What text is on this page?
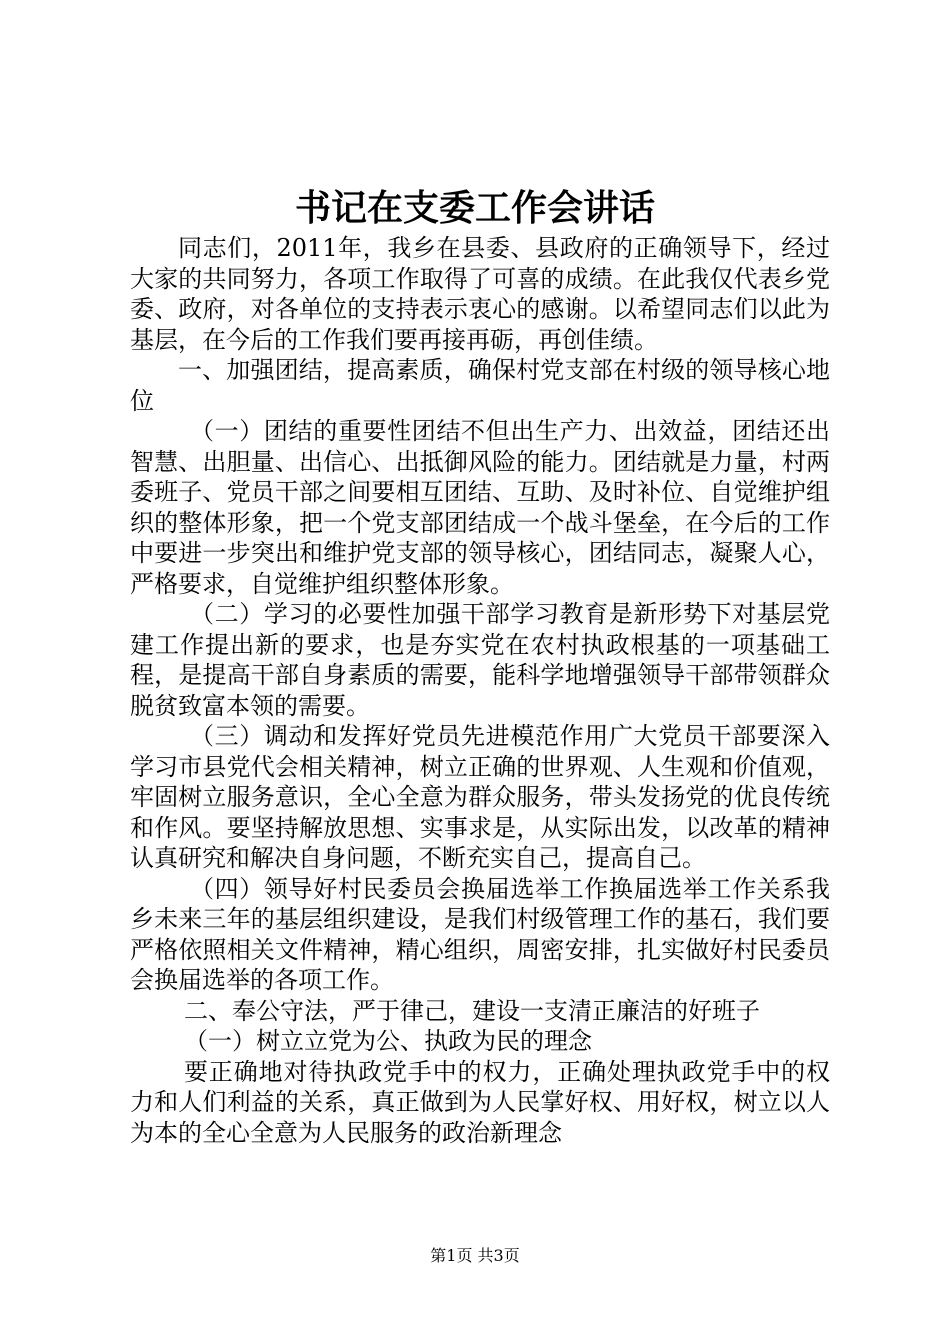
书记在支委工作会讲话

同志们，2011年，我乡在县委、县政府的正确领导下，经过大家的共同努力，各项工作取得了可喜的成绩。在此我仅代表乡党委、政府，对各单位的支持表示衷心的感谢。以希望同志们以此为基层，在今后的工作我们要再接再砺，再创佳绩。

一、加强团结，提高素质，确保村党支部在村级的领导核心地位

（一）团结的重要性团结不但出生产力、出效益，团结还出智慧、出胆量、出信心、出抵御风险的能力。团结就是力量，村两委班子、党员干部之间要相互团结、互助、及时补位、自觉维护组织的整体形象，把一个党支部团结成一个战斗堡垒，在今后的工作中要进一步突出和维护党支部的领导核心，团结同志，凝聚人心，严格要求，自觉维护组织整体形象。

（二）学习的必要性加强干部学习教育是新形势下对基层党建工作提出新的要求，也是夯实党在农村执政根基的一项基础工程，是提高干部自身素质的需要，能科学地增强领导干部带领群众脱贫致富本领的需要。

（三）调动和发挥好党员先进模范作用广大党员干部要深入学习市县党代会相关精神，树立正确的世界观、人生观和价值观，牢固树立服务意识，全心全意为群众服务，带头发扬党的优良传统和作风。要坚持解放思想、实事求是，从实际出发，以改革的精神认真研究和解决自身问题，不断充实自己，提高自己。

（四）领导好村民委员会换届选举工作换届选举工作关系我乡未来三年的基层组织建设，是我们村级管理工作的基石，我们要严格依照相关文件精神，精心组织，周密安排，扎实做好村民委员会换届选举的各项工作。

二、奉公守法，严于律己，建设一支清正廉洁的好班子

（一）树立立党为公、执政为民的理念

要正确地对待执政党手中的权力，正确处理执政党手中的权力和人们利益的关系，真正做到为人民掌好权、用好权，树立以人为本的全心全意为人民服务的政治新理念

第1页 共3页
